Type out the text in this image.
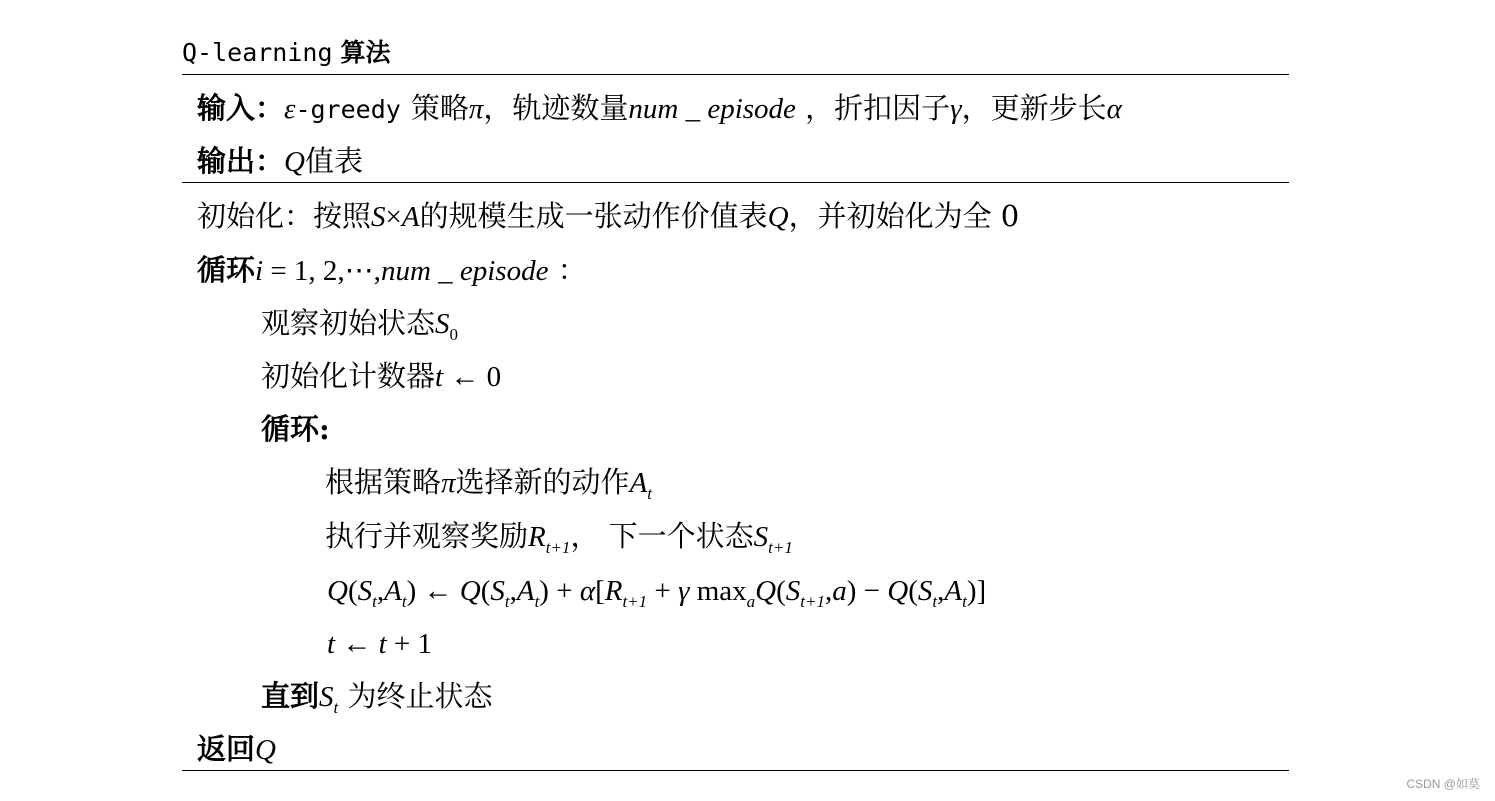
Q-learning 算法
输入：ε-greedy 策略π，轨迹数量num _ episode ，折扣因子γ，更新步长α
输出：Q值表
初始化：按照S×A的规模生成一张动作价值表Q，并初始化为全 0
循环i = 1, 2,⋯,num _ episode ：
观察初始状态$S_0$
初始化计数器t ← 0
循环:
根据策略π选择新的动作$A_t$
执行并观察奖励$R_{t+1}$， 下一个状态$S_{t+1}$
$Q(S_t,A_t)$ ← $Q(S_t,A_t) + \alpha[R_{t+1} + \gamma$ $\max_aQ(S_{t+1},a) - Q(S_t,A_t)$]
t ← t + 1
直到$S_t$ 为终止状态
返回Q
CSDN @如莫
